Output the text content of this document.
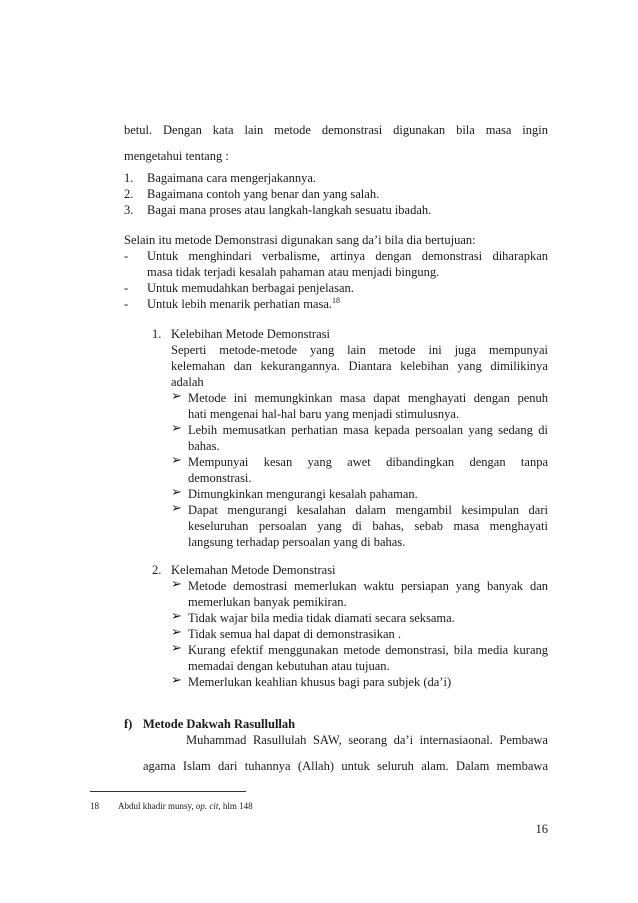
betul. Dengan kata lain metode demonstrasi digunakan bila masa ingin
mengetahui tentang :
1. Bagaimana cara mengerjakannya.
2. Bagaimana contoh yang benar dan yang salah.
3. Bagai mana proses atau langkah-langkah sesuatu ibadah.
Selain itu metode Demonstrasi digunakan sang da’i bila dia bertujuan:
- Untuk menghindari verbalisme, artinya dengan demonstrasi diharapkan
masa tidak terjadi kesalah pahaman atau menjadi bingung.
- Untuk memudahkan berbagai penjelasan.
- Untuk lebih menarik perhatian masa.$^{18}$
1. Kelebihan Metode Demonstrasi
Seperti metode-metode yang lain metode ini juga mempunyai
kelemahan dan kekurangannya. Diantara kelebihan yang dimilikinya
adalah
➢ Metode ini memungkinkan masa dapat menghayati dengan penuh
hati mengenai hal-hal baru yang menjadi stimulusnya.
➢ Lebih memusatkan perhatian masa kepada persoalan yang sedang di
bahas.
➢ Mempunyai kesan yang awet dibandingkan dengan tanpa
demonstrasi.
➢ Dimungkinkan mengurangi kesalah pahaman.
➢ Dapat mengurangi kesalahan dalam mengambil kesimpulan dari
keseluruhan persoalan yang di bahas, sebab masa menghayati
langsung terhadap persoalan yang di bahas.
2. Kelemahan Metode Demonstrasi
➢ Metode demostrasi memerlukan waktu persiapan yang banyak dan
memerlukan banyak pemikiran.
➢ Tidak wajar bila media tidak diamati secara seksama.
➢ Tidak semua hal dapat di demonstrasikan .
➢ Kurang efektif menggunakan metode demonstrasi, bila media kurang
memadai dengan kebutuhan atau tujuan.
➢ Memerlukan keahlian khusus bagi para subjek (da’i)
f) Metode Dakwah Rasullullah
Muhammad Rasullulah SAW, seorang da’i internasiaonal. Pembawa
agama Islam dari tuhannya (Allah) untuk seluruh alam. Dalam membawa
18 Abdul khadir munsy, op. cit, hlm 148
16
